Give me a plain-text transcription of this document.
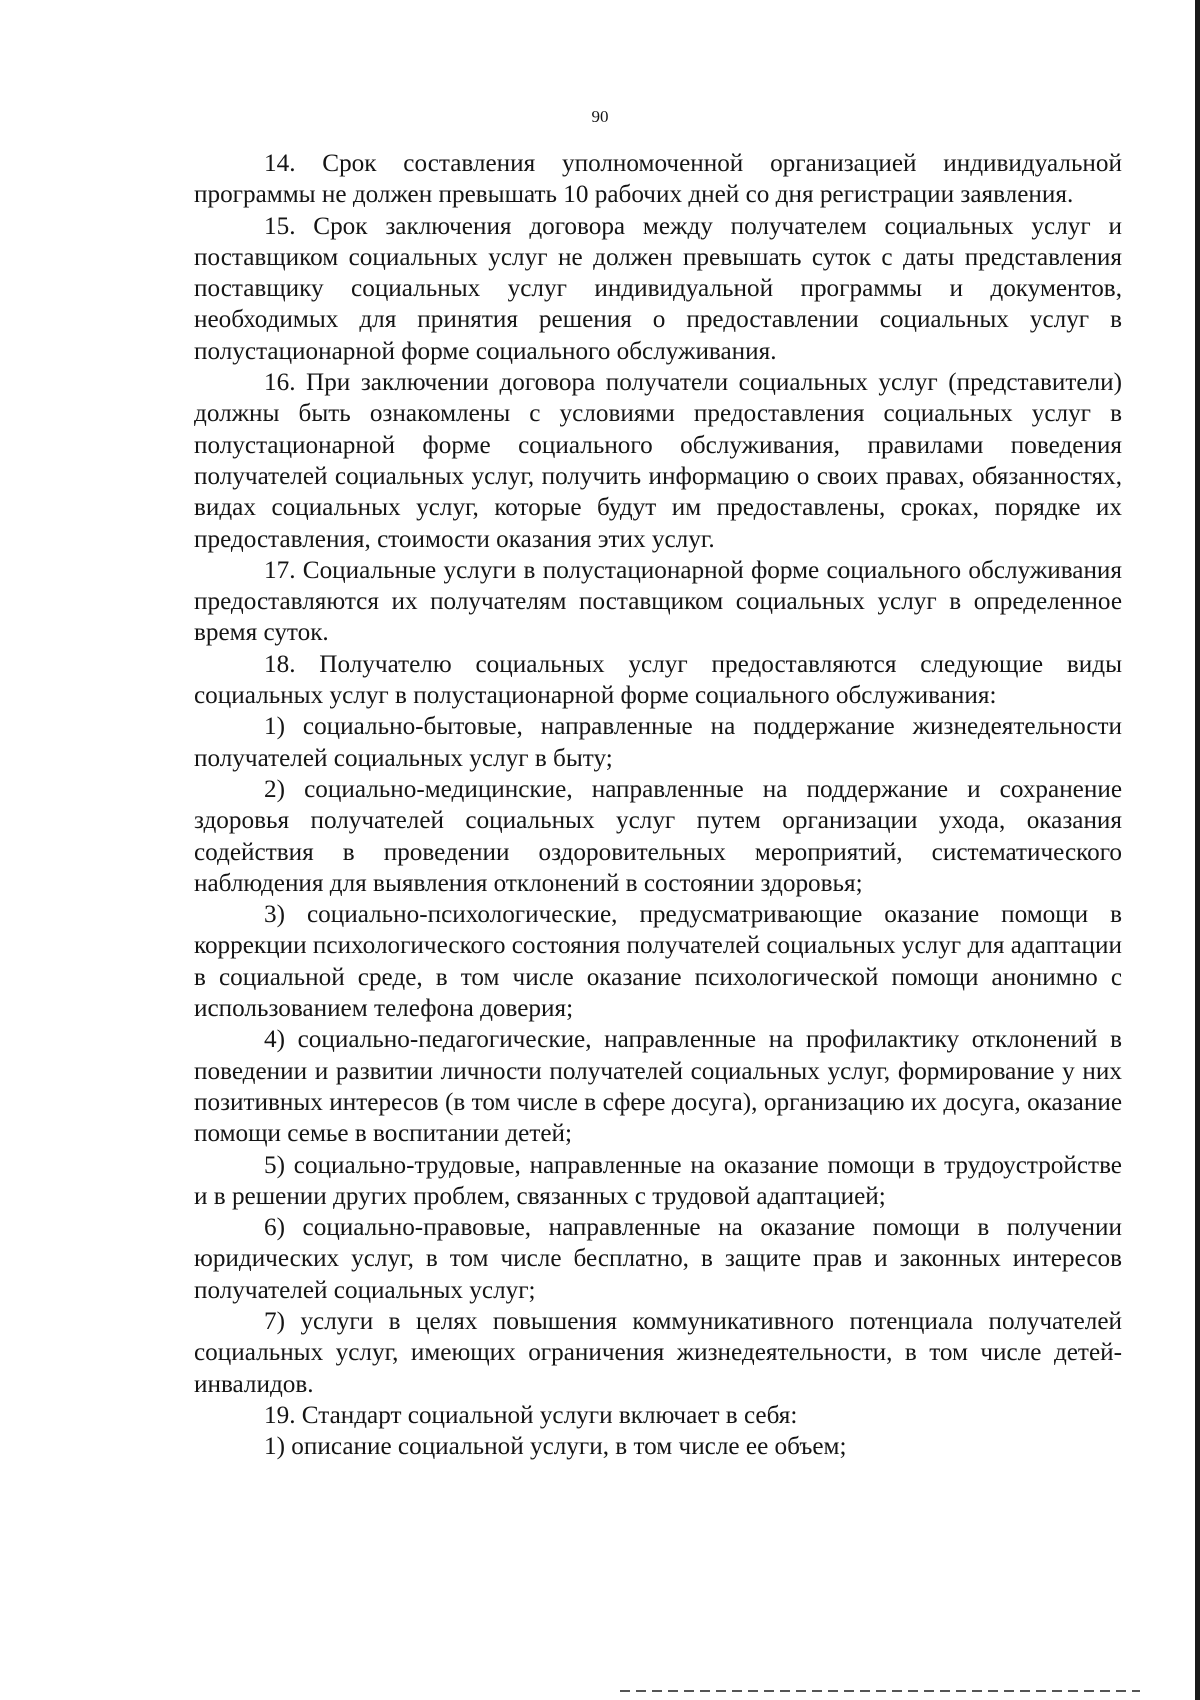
90

14. Срок составления уполномоченной организацией индивидуальной программы не должен превышать 10 рабочих дней со дня регистрации заявления.

15. Срок заключения договора между получателем социальных услуг и поставщиком социальных услуг не должен превышать суток с даты представления поставщику социальных услуг индивидуальной программы и документов, необходимых для принятия решения о предоставлении социальных услуг в полустационарной форме социального обслуживания.

16. При заключении договора получатели социальных услуг (представители) должны быть ознакомлены с условиями предоставления социальных услуг в полустационарной форме социального обслуживания, правилами поведения получателей социальных услуг, получить информацию о своих правах, обязанностях, видах социальных услуг, которые будут им предоставлены, сроках, порядке их предоставления, стоимости оказания этих услуг.

17. Социальные услуги в полустационарной форме социального обслуживания предоставляются их получателям поставщиком социальных услуг в определенное время суток.

18. Получателю социальных услуг предоставляются следующие виды социальных услуг в полустационарной форме социального обслуживания:

1) социально-бытовые, направленные на поддержание жизнедеятельности получателей социальных услуг в быту;

2) социально-медицинские, направленные на поддержание и сохранение здоровья получателей социальных услуг путем организации ухода, оказания содействия в проведении оздоровительных мероприятий, систематического наблюдения для выявления отклонений в состоянии здоровья;

3) социально-психологические, предусматривающие оказание помощи в коррекции психологического состояния получателей социальных услуг для адаптации в социальной среде, в том числе оказание психологической помощи анонимно с использованием телефона доверия;

4) социально-педагогические, направленные на профилактику отклонений в поведении и развитии личности получателей социальных услуг, формирование у них позитивных интересов (в том числе в сфере досуга), организацию их досуга, оказание помощи семье в воспитании детей;

5) социально-трудовые, направленные на оказание помощи в трудоустройстве и в решении других проблем, связанных с трудовой адаптацией;

6) социально-правовые, направленные на оказание помощи в получении юридических услуг, в том числе бесплатно, в защите прав и законных интересов получателей социальных услуг;

7) услуги в целях повышения коммуникативного потенциала получателей социальных услуг, имеющих ограничения жизнедеятельности, в том числе детей-инвалидов.

19. Стандарт социальной услуги включает в себя:

1) описание социальной услуги, в том числе ее объем;
